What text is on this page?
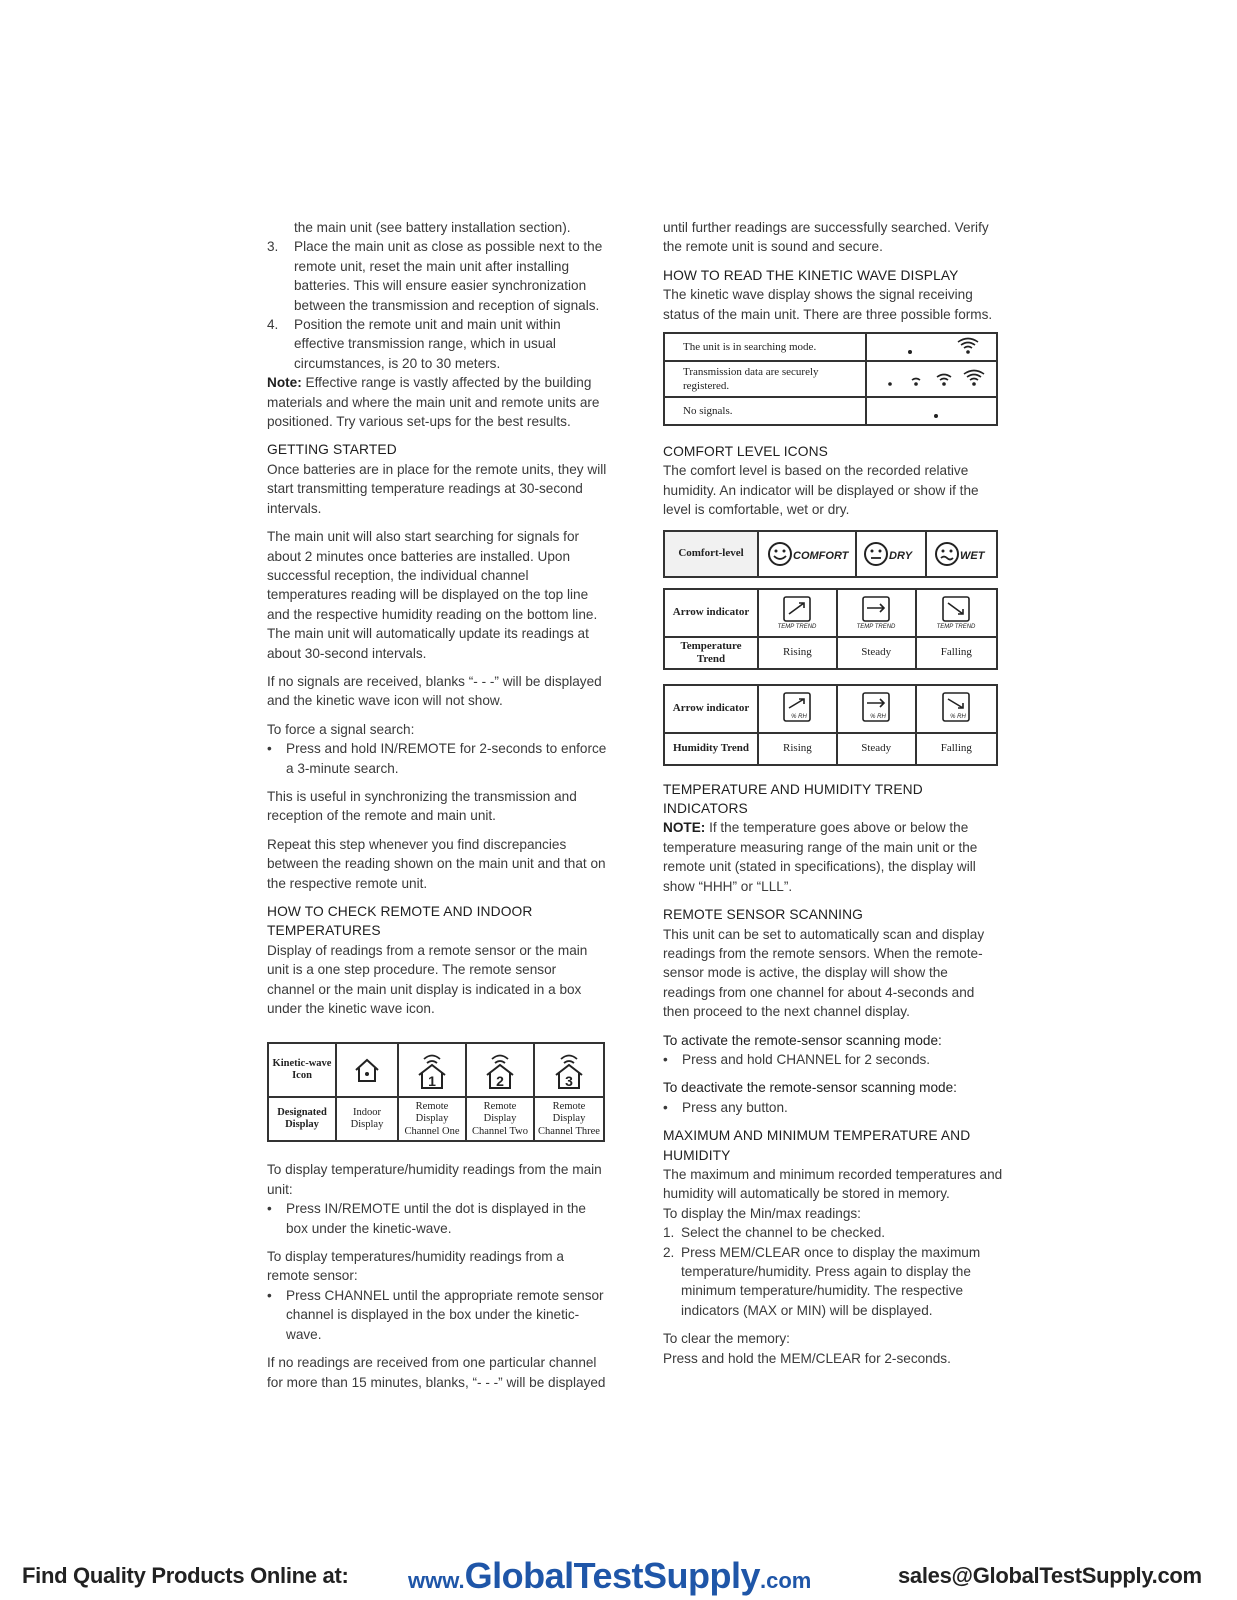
the main unit (see battery installation section).
3. Place the main unit as close as possible next to the remote unit, reset the main unit after installing batteries. This will ensure easier synchronization between the transmission and reception of signals.
4. Position the remote unit and main unit within effective transmission range, which in usual circumstances, is 20 to 30 meters.

Note: Effective range is vastly affected by the building materials and where the main unit and remote units are positioned. Try various set-ups for the best results.

GETTING STARTED

Once batteries are in place for the remote units, they will start transmitting temperature readings at 30-second intervals.

The main unit will also start searching for signals for about 2 minutes once batteries are installed. Upon successful reception, the individual channel temperatures reading will be displayed on the top line and the respective humidity reading on the bottom line. The main unit will automatically update its readings at about 30-second intervals.

If no signals are received, blanks “- - -” will be displayed and the kinetic wave icon will not show.

To force a signal search:

• Press and hold IN/REMOTE for 2-seconds to enforce a 3-minute search.

This is useful in synchronizing the transmission and reception of the remote and main unit.

Repeat this step whenever you find discrepancies between the reading shown on the main unit and that on the respective remote unit.

HOW TO CHECK REMOTE AND INDOOR TEMPERATURES

Display of readings from a remote sensor or the main unit is a one step procedure. The remote sensor channel or the main unit display is indicated in a box under the kinetic wave icon.

Kinetic-wave Icon		1	2	3

Designated Display	Indoor Display	Remote Display Channel One	Remote Display Channel Two	Remote Display Channel Three

To display temperature/humidity readings from the main unit:

• Press IN/REMOTE until the dot is displayed in the box under the kinetic-wave.

To display temperatures/humidity readings from a remote sensor:

• Press CHANNEL until the appropriate remote sensor channel is displayed in the box under the kinetic-wave.

If no readings are received from one particular channel for more than 15 minutes, blanks, “- - -” will be displayed

until further readings are successfully searched. Verify the remote unit is sound and secure.

HOW TO READ THE KINETIC WAVE DISPLAY

The kinetic wave display shows the signal receiving status of the main unit. There are three possible forms.

The unit is in searching mode.	
Transmission data are securely registered.	
No signals.	
COMFORT LEVEL ICONS

The comfort level is based on the recorded relative humidity. An indicator will be displayed or show if the level is comfortable, wet or dry.

Comfort-level	COMFORT	DRY	WET
Arrow indicator	TEMP TREND	TEMP TREND	TEMP TREND

Temperature Trend	Rising	Steady	Falling
Arrow indicator	% RH	% RH	% RH

Humidity Trend	Rising	Steady	Falling
TEMPERATURE AND HUMIDITY TREND INDICATORS

NOTE: If the temperature goes above or below the temperature measuring range of the main unit or the remote unit (stated in specifications), the display will show “HHH” or “LLL”.

REMOTE SENSOR SCANNING

This unit can be set to automatically scan and display readings from the remote sensors. When the remote-sensor mode is active, the display will show the readings from one channel for about 4-seconds and then proceed to the next channel display.

To activate the remote-sensor scanning mode:

• Press and hold CHANNEL for 2 seconds.

To deactivate the remote-sensor scanning mode:

• Press any button.
MAXIMUM AND MINIMUM TEMPERATURE AND HUMIDITY

The maximum and minimum recorded temperatures and humidity will automatically be stored in memory.

To display the Min/max readings:

1. Select the channel to be checked.
2. Press MEM/CLEAR once to display the maximum temperature/humidity. Press again to display the minimum temperature/humidity. The respective indicators (MAX or MIN) will be displayed.

To clear the memory:

Press and hold the MEM/CLEAR for 2-seconds.

Find Quality Products Online at:	www.GlobalTestSupply.com	sales@GlobalTestSupply.com
